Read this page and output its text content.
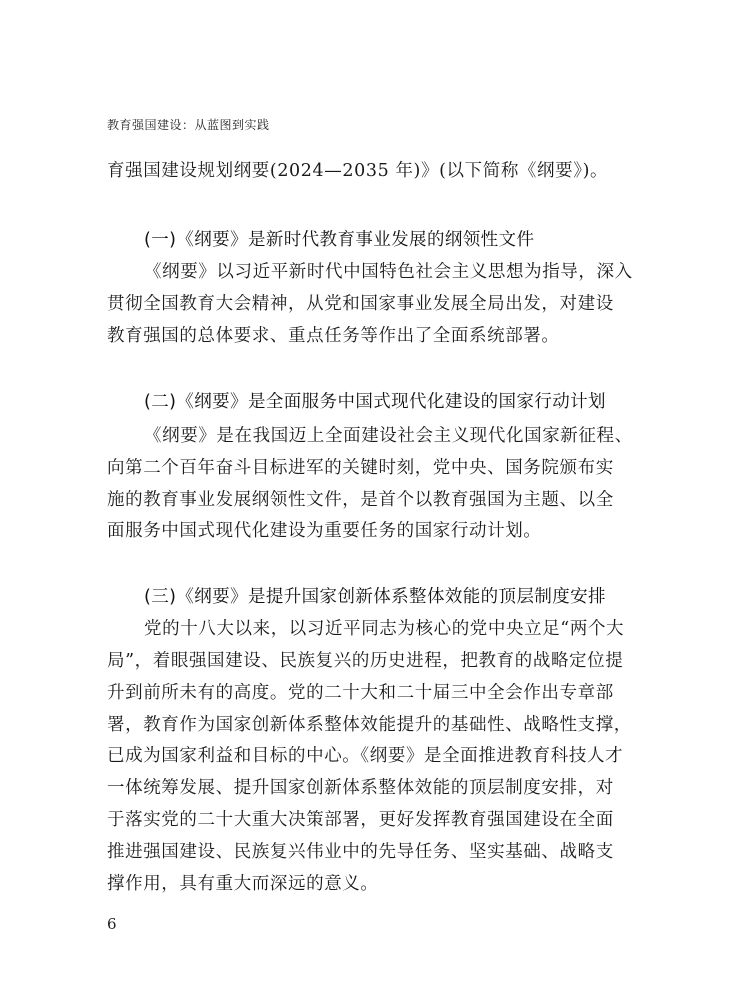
教育强国建设：从蓝图到实践
育强国建设规划纲要(2024—2035 年)》(以下简称《纲要》)。
(一)《纲要》是新时代教育事业发展的纲领性文件
《纲要》以习近平新时代中国特色社会主义思想为指导，深入
贯彻全国教育大会精神，从党和国家事业发展全局出发，对建设
教育强国的总体要求、重点任务等作出了全面系统部署。
(二)《纲要》是全面服务中国式现代化建设的国家行动计划
《纲要》是在我国迈上全面建设社会主义现代化国家新征程、
向第二个百年奋斗目标进军的关键时刻，党中央、国务院颁布实
施的教育事业发展纲领性文件，是首个以教育强国为主题、以全
面服务中国式现代化建设为重要任务的国家行动计划。
(三)《纲要》是提升国家创新体系整体效能的顶层制度安排
党的十八大以来，以习近平同志为核心的党中央立足“两个大
局”，着眼强国建设、民族复兴的历史进程，把教育的战略定位提
升到前所未有的高度。党的二十大和二十届三中全会作出专章部
署，教育作为国家创新体系整体效能提升的基础性、战略性支撑，
已成为国家利益和目标的中心。《纲要》是全面推进教育科技人才
一体统筹发展、提升国家创新体系整体效能的顶层制度安排，对
于落实党的二十大重大决策部署，更好发挥教育强国建设在全面
推进强国建设、民族复兴伟业中的先导任务、坚实基础、战略支
撑作用，具有重大而深远的意义。
6
